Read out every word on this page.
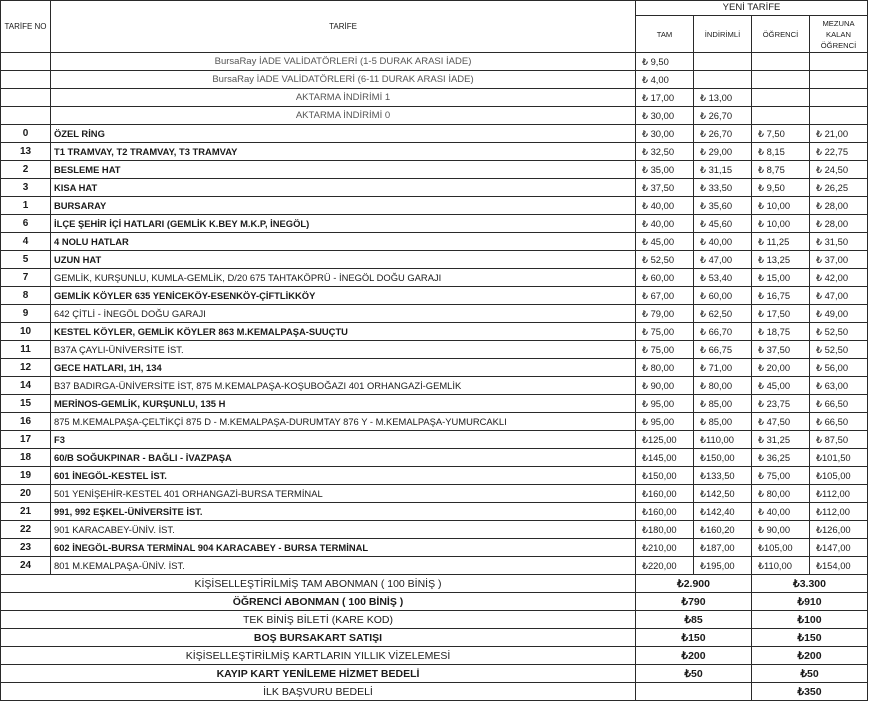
TARİFE NO	TARİFE	YENİ TARİFE			
		TAM	İNDİRİMLİ	ÖĞRENCİ	MEZUNA
KALAN
ÖĞRENCİ
	BursaRay İADE VALİDATÖRLERİ (1-5 DURAK ARASI İADE)	₺ 9,50			
	BursaRay İADE VALİDATÖRLERİ (6-11 DURAK ARASI İADE)	₺ 4,00			
	AKTARMA İNDİRİMİ 1	₺ 17,00	₺ 13,00		
	AKTARMA İNDİRİMİ 0	₺ 30,00	₺ 26,70		
0	ÖZEL RİNG	₺ 30,00	₺ 26,70	₺ 7,50	₺ 21,00
13	T1 TRAMVAY, T2 TRAMVAY, T3 TRAMVAY	₺ 32,50	₺ 29,00	₺ 8,15	₺ 22,75
2	BESLEME HAT	₺ 35,00	₺ 31,15	₺ 8,75	₺ 24,50
3	KISA HAT	₺ 37,50	₺ 33,50	₺ 9,50	₺ 26,25
1	BURSARAY	₺ 40,00	₺ 35,60	₺ 10,00	₺ 28,00
6	İLÇE ŞEHİR İÇİ HATLARI (GEMLİK K.BEY M.K.P, İNEGÖL)	₺ 40,00	₺ 45,60	₺ 10,00	₺ 28,00
4	4 NOLU HATLAR	₺ 45,00	₺ 40,00	₺ 11,25	₺ 31,50
5	UZUN HAT	₺ 52,50	₺ 47,00	₺ 13,25	₺ 37,00
7	GEMLİK, KURŞUNLU, KUMLA-GEMLİK, D/20 675 TAHTAKÖPRÜ - İNEGÖL DOĞU GARAJI	₺ 60,00	₺ 53,40	₺ 15,00	₺ 42,00
8	GEMLİK KÖYLER 635 YENİCEKÖY-ESENKÖY-ÇİFTLİKKÖY	₺ 67,00	₺ 60,00	₺ 16,75	₺ 47,00
9	642 ÇİTLİ - İNEGÖL DOĞU GARAJI	₺ 79,00	₺ 62,50	₺ 17,50	₺ 49,00
10	KESTEL KÖYLER, GEMLİK KÖYLER 863 M.KEMALPAŞA-SUUÇTU	₺ 75,00	₺ 66,70	₺ 18,75	₺ 52,50
11	B37A ÇAYLI-ÜNİVERSİTE İST.	₺ 75,00	₺ 66,75	₺ 37,50	₺ 52,50
12	GECE HATLARI, 1H, 134	₺ 80,00	₺ 71,00	₺ 20,00	₺ 56,00
14	B37 BADIRGA-ÜNİVERSİTE İST, 875 M.KEMALPAŞA-KOŞUBOĞAZI 401 ORHANGAZİ-GEMLİK	₺ 90,00	₺ 80,00	₺ 45,00	₺ 63,00
15	MERİNOS-GEMLİK, KURŞUNLU, 135 H	₺ 95,00	₺ 85,00	₺ 23,75	₺ 66,50
16	875 M.KEMALPAŞA-ÇELTİKÇİ 875 D - M.KEMALPAŞA-DURUMTAY 876 Y - M.KEMALPAŞA-YUMURCAKLI	₺ 95,00	₺ 85,00	₺ 47,50	₺ 66,50
17	F3	₺125,00	₺110,00	₺ 31,25	₺ 87,50
18	60/B SOĞUKPINAR - BAĞLI - İVAZPAŞA	₺145,00	₺150,00	₺ 36,25	₺101,50
19	601 İNEGÖL-KESTEL İST.	₺150,00	₺133,50	₺ 75,00	₺105,00
20	501 YENİŞEHİR-KESTEL 401 ORHANGAZİ-BURSA TERMİNAL	₺160,00	₺142,50	₺ 80,00	₺112,00
21	991, 992 EŞKEL-ÜNİVERSİTE İST.	₺160,00	₺142,40	₺ 40,00	₺112,00
22	901 KARACABEY-ÜNİV. İST.	₺180,00	₺160,20	₺ 90,00	₺126,00
23	602 İNEGÖL-BURSA TERMİNAL 904 KARACABEY - BURSA TERMİNAL	₺210,00	₺187,00	₺105,00	₺147,00
24	801 M.KEMALPAŞA-ÜNİV. İST.	₺220,00	₺195,00	₺110,00	₺154,00
KİŞİSELLEŞTİRİLMİŞ TAM ABONMAN ( 100 BİNİŞ )		₺2.900		₺3.300	
ÖĞRENCİ ABONMAN ( 100 BİNİŞ )		₺790		₺910	
TEK BİNİŞ BİLETİ (KARE KOD)		₺85		₺100	
BOŞ BURSAKART SATIŞI		₺150		₺150	
KİŞİSELLEŞTİRİLMİŞ KARTLARIN YILLIK VİZELEMESİ		₺200		₺200	
KAYIP KART YENİLEME HİZMET BEDELİ		₺50		₺50	
İLK BAŞVURU BEDELİ				₺350	
